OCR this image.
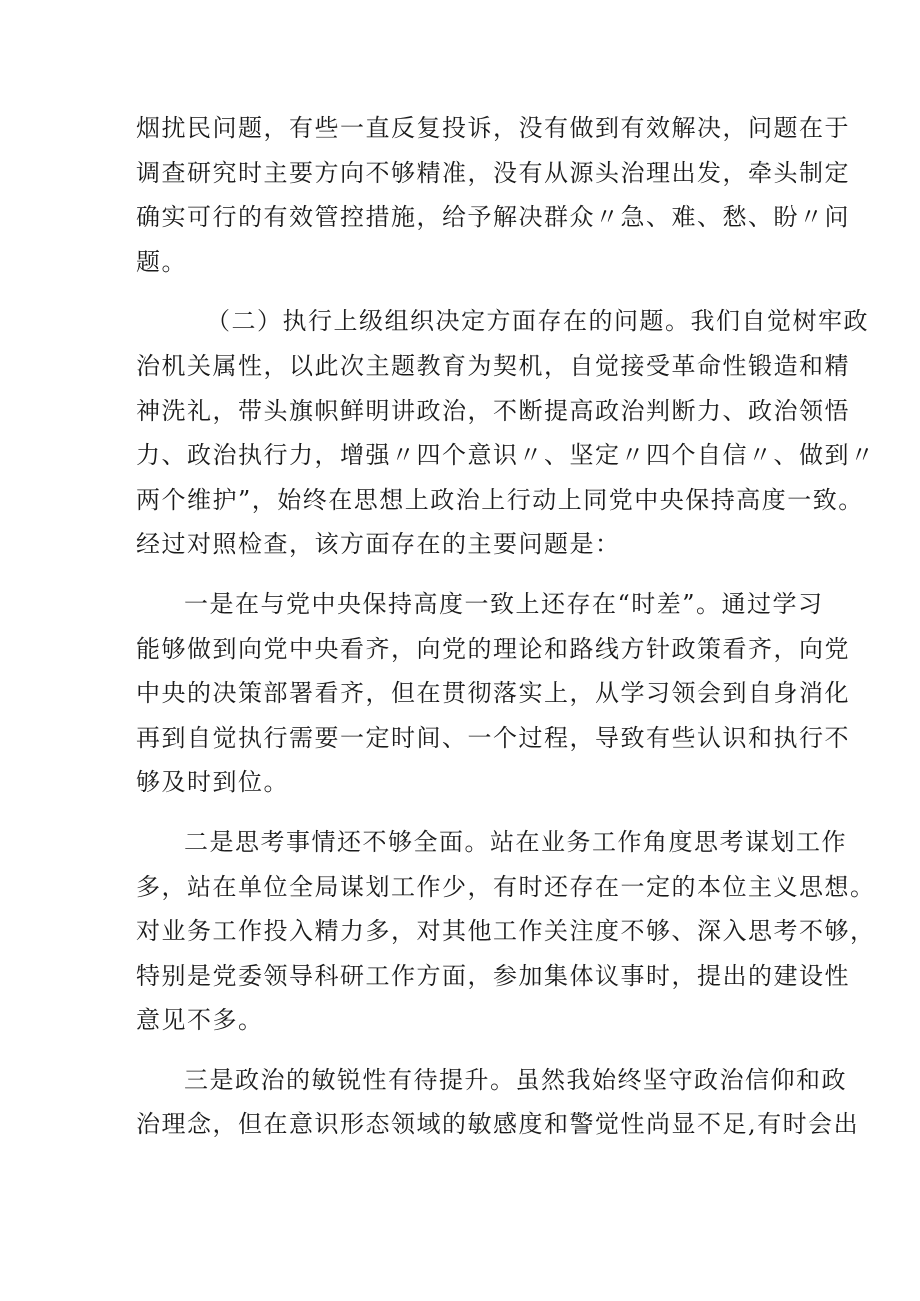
烟扰民问题，有些一直反复投诉，没有做到有效解决，问题在于
调查研究时主要方向不够精准，没有从源头治理出发，牵头制定
确实可行的有效管控措施，给予解决群众〃急、难、愁、盼〃问
题。
（二）执行上级组织决定方面存在的问题。我们自觉树牢政
治机关属性，以此次主题教育为契机，自觉接受革命性锻造和精
神洗礼，带头旗帜鲜明讲政治，不断提高政治判断力、政治领悟
力、政治执行力，增强〃四个意识〃、坚定〃四个自信〃、做到〃
两个维护”，始终在思想上政治上行动上同党中央保持高度一致。
经过对照检查，该方面存在的主要问题是：
一是在与党中央保持高度一致上还存在“时差”。通过学习
能够做到向党中央看齐，向党的理论和路线方针政策看齐，向党
中央的决策部署看齐，但在贯彻落实上，从学习领会到自身消化
再到自觉执行需要一定时间、一个过程，导致有些认识和执行不
够及时到位。
二是思考事情还不够全面。站在业务工作角度思考谋划工作
多，站在单位全局谋划工作少，有时还存在一定的本位主义思想。
对业务工作投入精力多，对其他工作关注度不够、深入思考不够，
特别是党委领导科研工作方面，参加集体议事时，提出的建设性
意见不多。
三是政治的敏锐性有待提升。虽然我始终坚守政治信仰和政
治理念，但在意识形态领域的敏感度和警觉性尚显不足,有时会出
